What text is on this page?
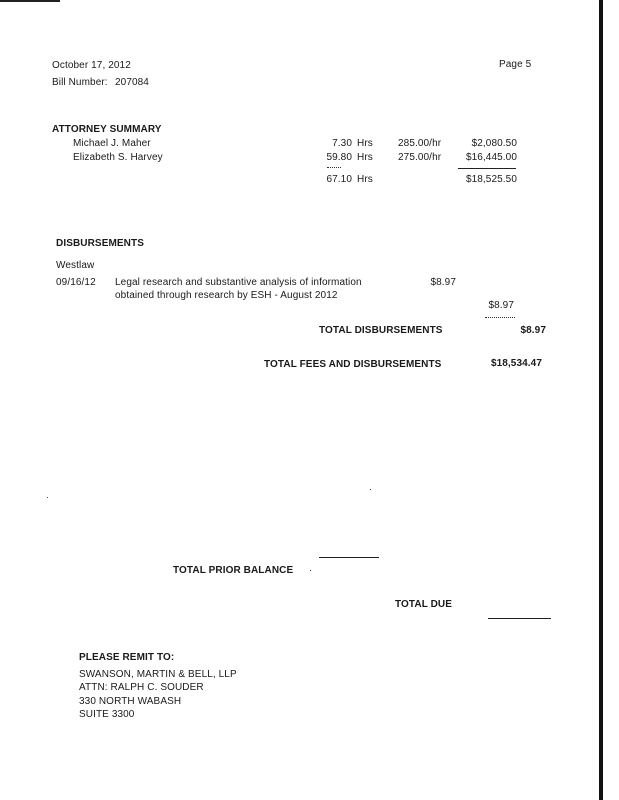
October 17, 2012
Bill Number: 207084
Page 5
ATTORNEY SUMMARY
Michael J. Maher	7.30 Hrs	285.00/hr	$2,080.50
Elizabeth S. Harvey	59.80 Hrs	275.00/hr	$16,445.00
67.10 Hrs	$18,525.50
DISBURSEMENTS
Westlaw
09/16/12 Legal research and substantive analysis of information
obtained through research by ESH - August 2012
$8.97
$8.97
TOTAL DISBURSEMENTS	$8.97
TOTAL FEES AND DISBURSEMENTS	$18,534.47
TOTAL PRIOR BALANCE
TOTAL DUE
PLEASE REMIT TO:
SWANSON, MARTIN & BELL, LLP
ATTN: RALPH C. SOUDER
330 NORTH WABASH
SUITE 3300
